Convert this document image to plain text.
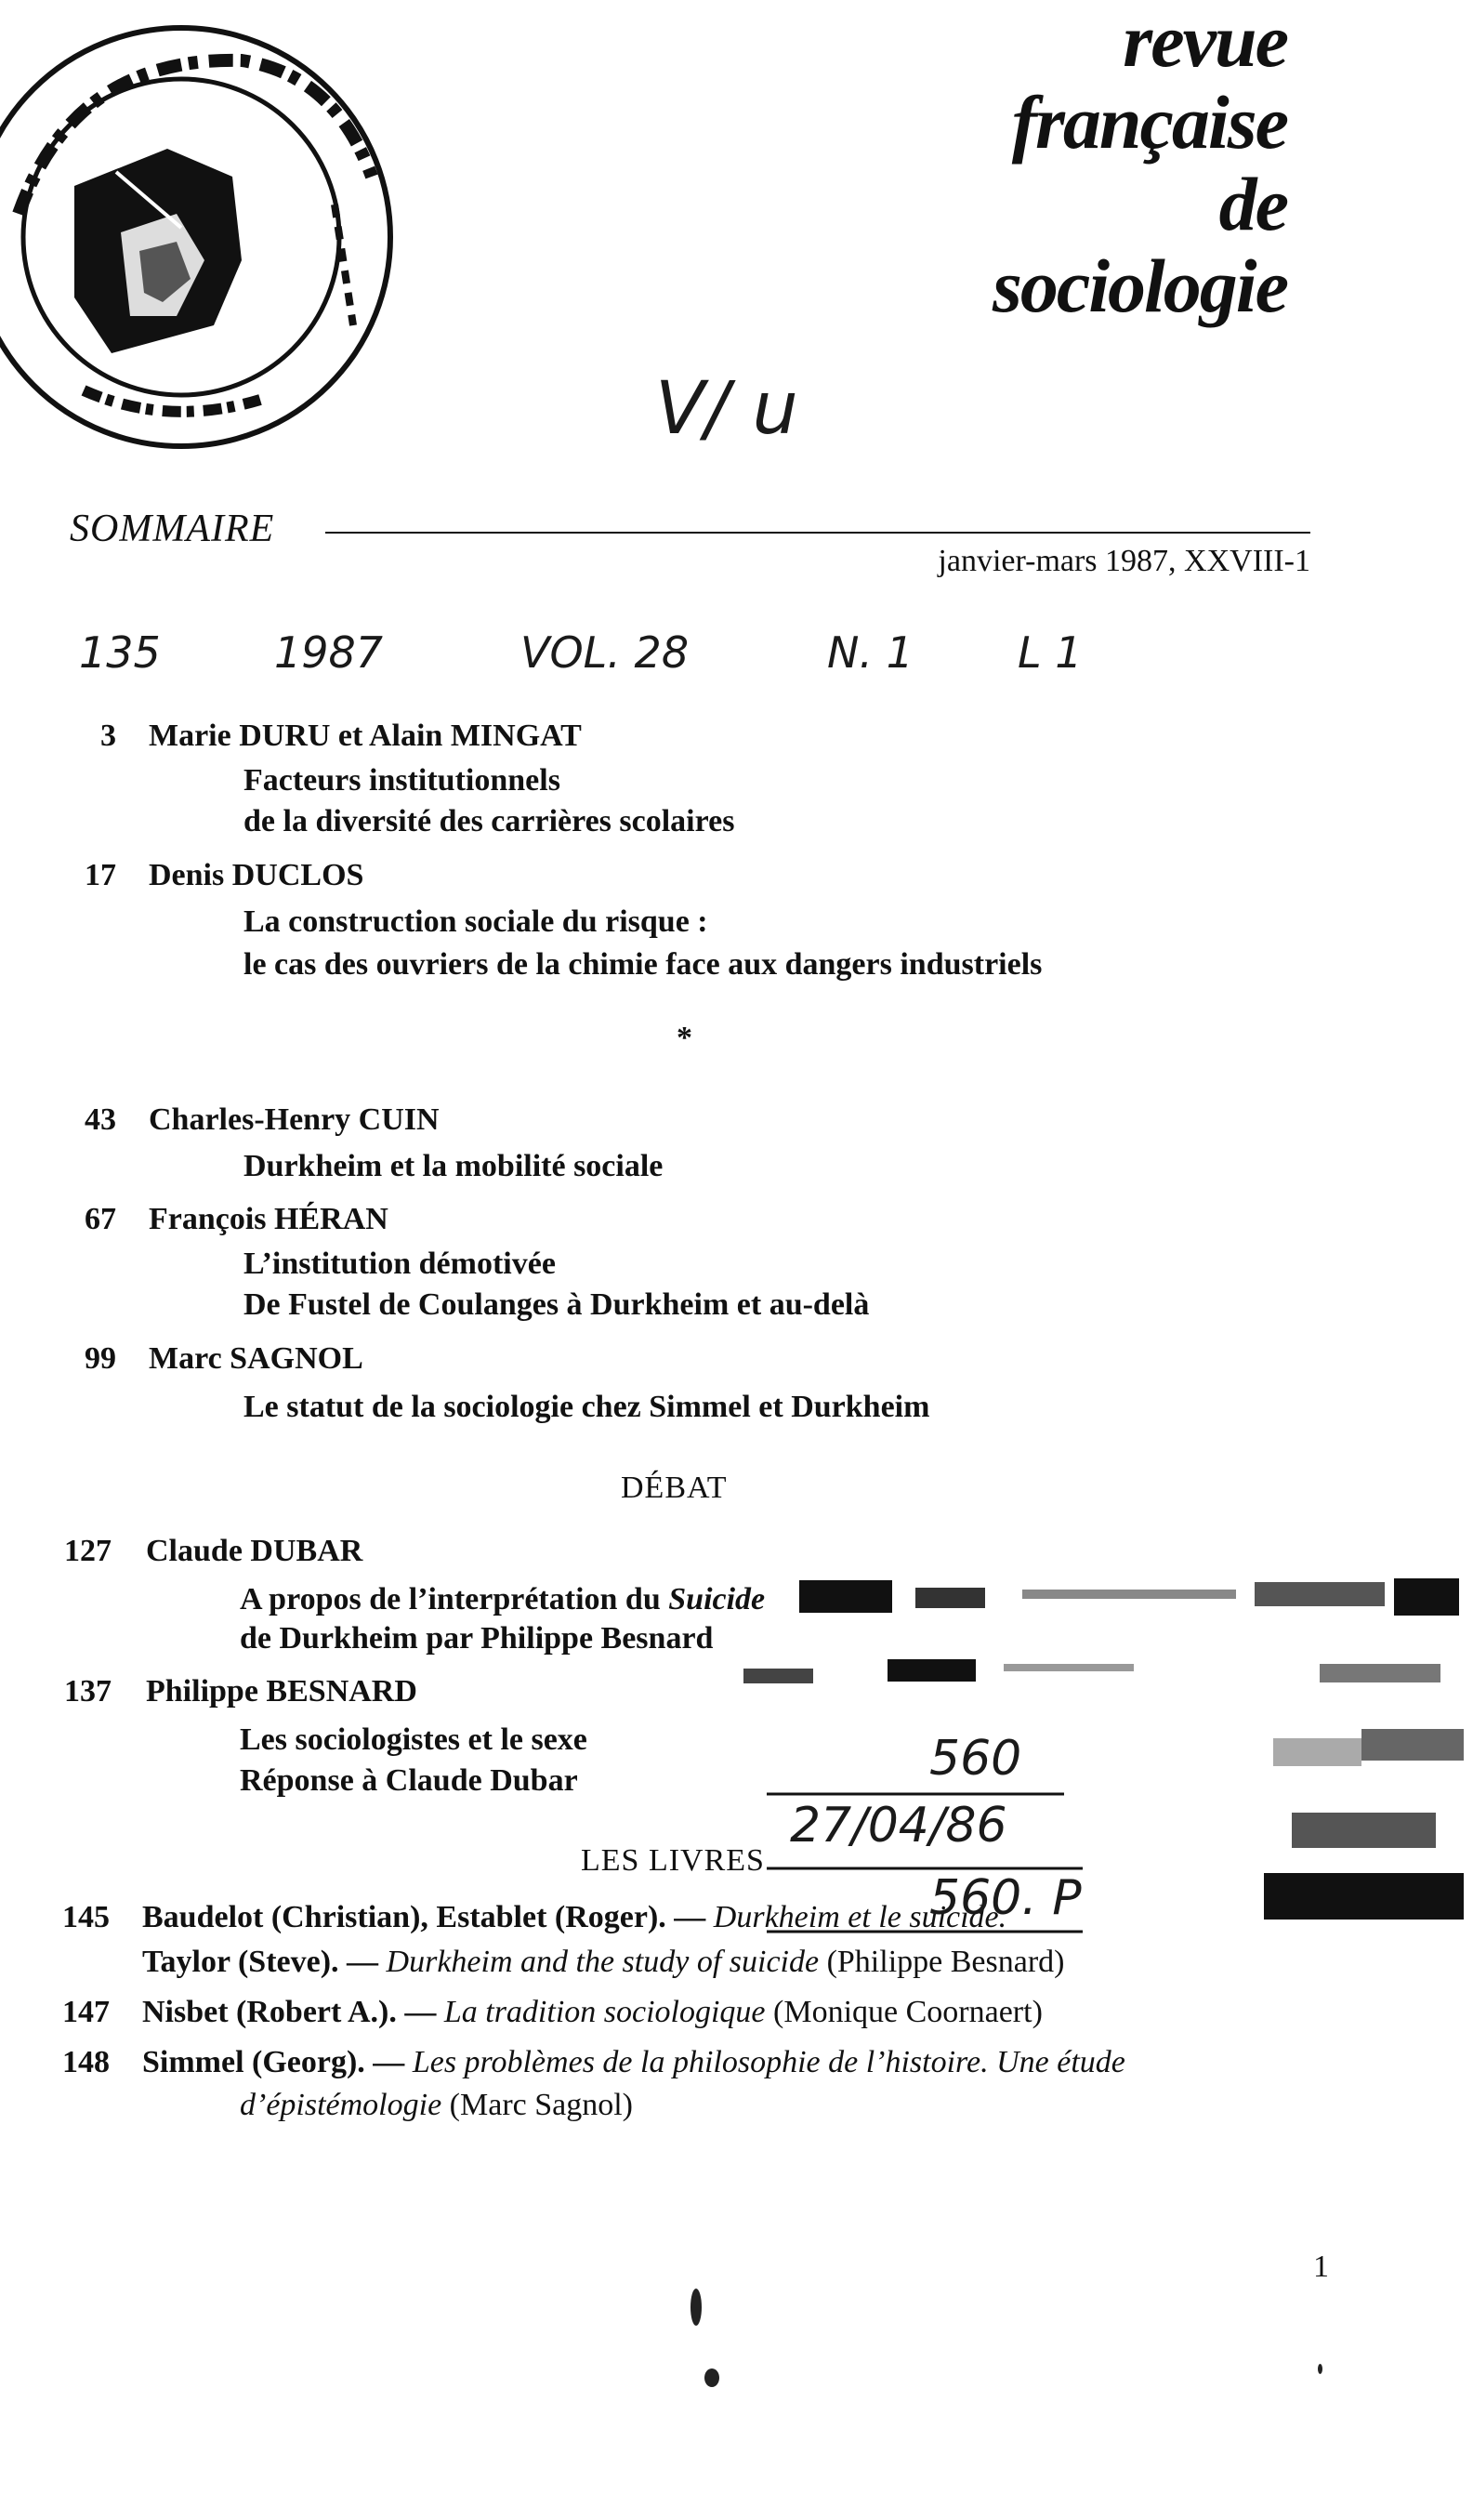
revue
française
de
sociologie
V/ u
135	1987	VOL. 28	N. 1 L 1
SOMMAIRE
janvier-mars 1987, XXVIII-1
3 Marie DURU et Alain MINGAT
Facteurs institutionnels
de la diversité des carrières scolaires
17 Denis DUCLOS
La construction sociale du risque :
le cas des ouvriers de la chimie face aux dangers industriels
*
43 Charles-Henry CUIN
Durkheim et la mobilité sociale
67 François HÉRAN
L’institution démotivée
De Fustel de Coulanges à Durkheim et au-delà
99 Marc SAGNOL
Le statut de la sociologie chez Simmel et Durkheim
DÉBAT
127 Claude DUBAR
A propos de l’interprétation du Suicide
de Durkheim par Philippe Besnard
137 Philippe BESNARD
Les sociologistes et le sexe
Réponse à Claude Dubar
LES LIVRES
145 Baudelot (Christian), Establet (Roger). — Durkheim et le suicide.
Taylor (Steve). — Durkheim and the study of suicide (Philippe Besnard)
147 Nisbet (Robert A.). — La tradition sociologique (Monique Coornaert)
148 Simmel (Georg). — Les problèmes de la philosophie de l’histoire. Une étude
d’épistémologie (Marc Sagnol)
560
27/04/86
560. P
1
